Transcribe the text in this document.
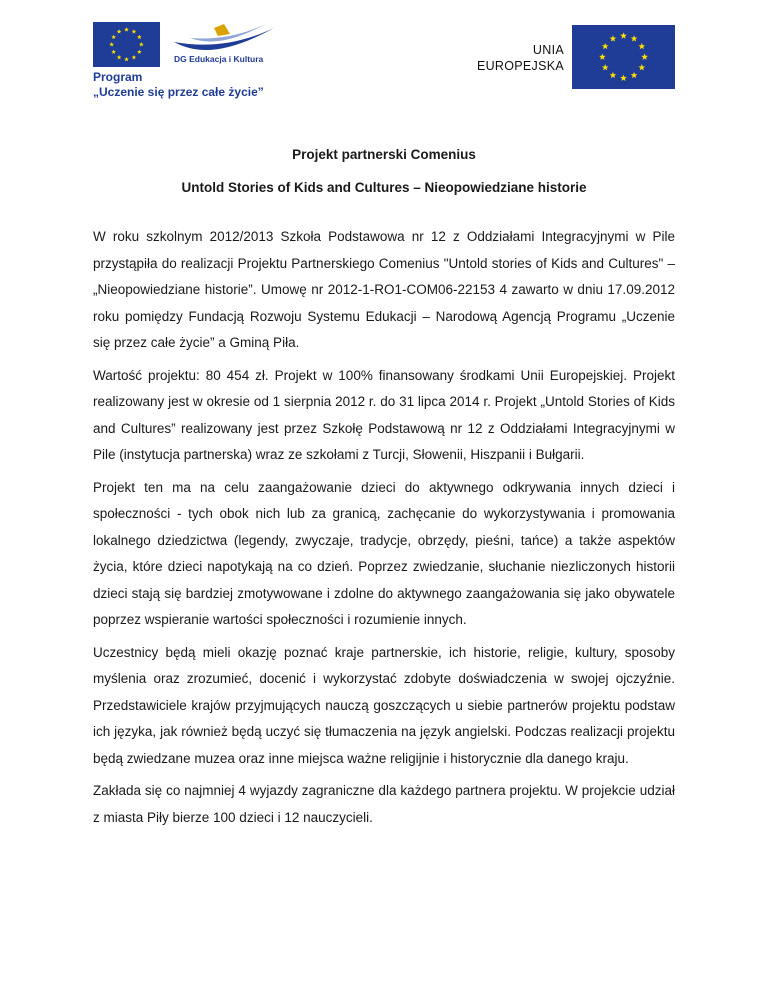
DG Edukacja i Kultura
Program
„Uczenie się przez całe życie”
UNIA
EUROPEJSKA
Projekt partnerski Comenius
Untold Stories of Kids and Cultures – Nieopowiedziane historie

W roku szkolnym 2012/2013 Szkoła Podstawowa nr 12 z Oddziałami Integracyjnymi w Pile przystąpiła do realizacji Projektu Partnerskiego Comenius "Untold stories of Kids and Cultures" – „Nieopowiedziane historie”. Umowę nr 2012-1-RO1-COM06-22153 4 zawarto w dniu 17.09.2012 roku pomiędzy Fundacją Rozwoju Systemu Edukacji – Narodową Agencją Programu „Uczenie się przez całe życie” a Gminą Piła.

Wartość projektu: 80 454 zł. Projekt w 100% finansowany środkami Unii Europejskiej. Projekt realizowany jest w okresie od 1 sierpnia 2012 r. do 31 lipca 2014 r. Projekt „Untold Stories of Kids and Cultures” realizowany jest przez Szkołę Podstawową nr 12 z Oddziałami Integracyjnymi w Pile (instytucja partnerska) wraz ze szkołami z Turcji, Słowenii, Hiszpanii i Bułgarii.

Projekt ten ma na celu zaangażowanie dzieci do aktywnego odkrywania innych dzieci i społeczności - tych obok nich lub za granicą, zachęcanie do wykorzystywania i promowania lokalnego dziedzictwa (legendy, zwyczaje, tradycje, obrzędy, pieśni, tańce) a także aspektów życia, które dzieci napotykają na co dzień. Poprzez zwiedzanie, słuchanie niezliczonych historii dzieci stają się bardziej zmotywowane i zdolne do aktywnego zaangażowania się jako obywatele poprzez wspieranie wartości społeczności i rozumienie innych.

Uczestnicy będą mieli okazję poznać kraje partnerskie, ich historie, religie, kultury, sposoby myślenia oraz zrozumieć, docenić i wykorzystać zdobyte doświadczenia w swojej ojczyźnie. Przedstawiciele krajów przyjmujących nauczą goszczących u siebie partnerów projektu podstaw ich języka, jak również będą uczyć się tłumaczenia na język angielski. Podczas realizacji projektu będą zwiedzane muzea oraz inne miejsca ważne religijnie i historycznie dla danego kraju.

Zakłada się co najmniej 4 wyjazdy zagraniczne dla każdego partnera projektu. W projekcie udział z miasta Piły bierze 100 dzieci i 12 nauczycieli.
